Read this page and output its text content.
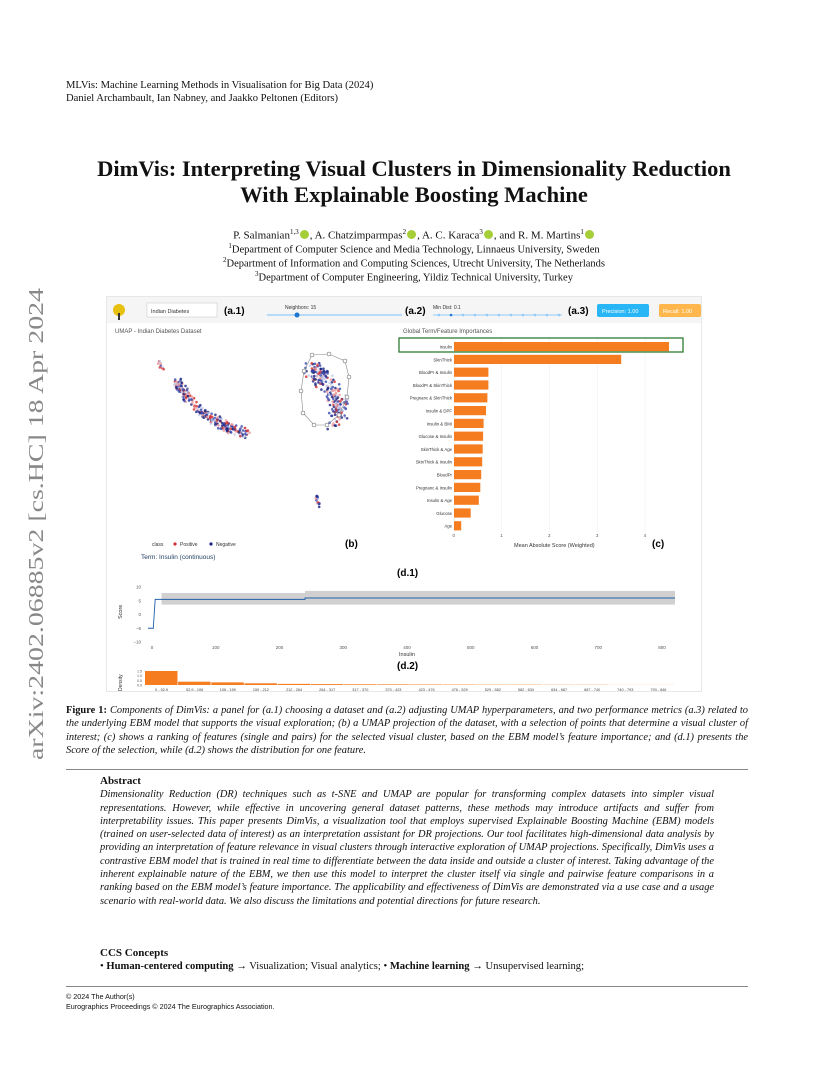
arXiv:2402.06885v2 [cs.HC] 18 Apr 2024
MLVis: Machine Learning Methods in Visualisation for Big Data (2024)
Daniel Archambault, Ian Nabney, and Jaakko Peltonen (Editors)
DimVis: Interpreting Visual Clusters in Dimensionality Reduction
With Explainable Boosting Machine
P. Salmanian$^{1,3}$ , A. Chatzimparmpas$^2$ , A. C. Karaca$^3$ , and R. M. Martins$^1$
$^1$Department of Computer Science and Media Technology, Linnaeus University, Sweden
$^2$Department of Information and Computing Sciences, Utrecht University, The Netherlands
$^3$Department of Computer Engineering, Yildiz Technical University, Turkey
Indian Diabetes	(a.1)	Neighbors: 15	(a.2) Min Dist: 0.1	(a.3) Precision: 1.00	Recall: 1.00
UMAP - Indian Diabetes Dataset
class	Positive	Negative	(b)
Term: Insulin (continuous)
Global Term/Feature Importances
0	1	2	3	4
Insulin
SkinThick
BloodPr & Insulin
BloodPr & SkinThick
Pregnanc & SkinThick
Insulin & DPF
Insulin & BMI
Glucose & Insulin
SkinThick & Age
SkinThick & Insulin
BloodPr
Pregnanc & Insulin
Insulin & Age
Glucose
Age
Mean Absolute Score (Weighted)	(c)
(d.1)
10
5
0
−5
−10
0	100	200	300	400	500	600	700	800
Score
Insulin
(d.2)
0.0
0.5
1.0
1.5
0 - 52.9	52.9 - 106	106 - 159	159 - 212	212 - 264	264 - 317	317 - 370	370 - 423	423 - 476	476 - 529	529 - 582	582 - 634	634 - 687	687 - 740	740 - 793	793 - 846
Density
Figure 1: Components of DimVis: a panel for (a.1) choosing a dataset and (a.2) adjusting UMAP hyperparameters, and two performance metrics (a.3) related to the underlying EBM model that supports the visual exploration; (b) a UMAP projection of the dataset, with a selection of points that determine a visual cluster of interest; (c) shows a ranking of features (single and pairs) for the selected visual cluster, based on the EBM model’s feature importance; and (d.1) presents the Score of the selection, while (d.2) shows the distribution for one feature.
Abstract
Dimensionality Reduction (DR) techniques such as t-SNE and UMAP are popular for transforming complex datasets into simpler visual representations. However, while effective in uncovering general dataset patterns, these methods may introduce artifacts and suffer from interpretability issues. This paper presents DimVis, a visualization tool that employs supervised Explainable Boosting Machine (EBM) models (trained on user-selected data of interest) as an interpretation assistant for DR projections. Our tool facilitates high-dimensional data analysis by providing an interpretation of feature relevance in visual clusters through interactive exploration of UMAP projections. Specifically, DimVis uses a contrastive EBM model that is trained in real time to differentiate between the data inside and outside a cluster of interest. Taking advantage of the inherent explainable nature of the EBM, we then use this model to interpret the cluster itself via single and pairwise feature comparisons in a ranking based on the EBM model’s feature importance. The applicability and effectiveness of DimVis are demonstrated via a use case and a usage scenario with real-world data. We also discuss the limitations and potential directions for future research.
CCS Concepts
• Human-centered computing → Visualization; Visual analytics; • Machine learning → Unsupervised learning;
© 2024 The Author(s)
Eurographics Proceedings © 2024 The Eurographics Association.
